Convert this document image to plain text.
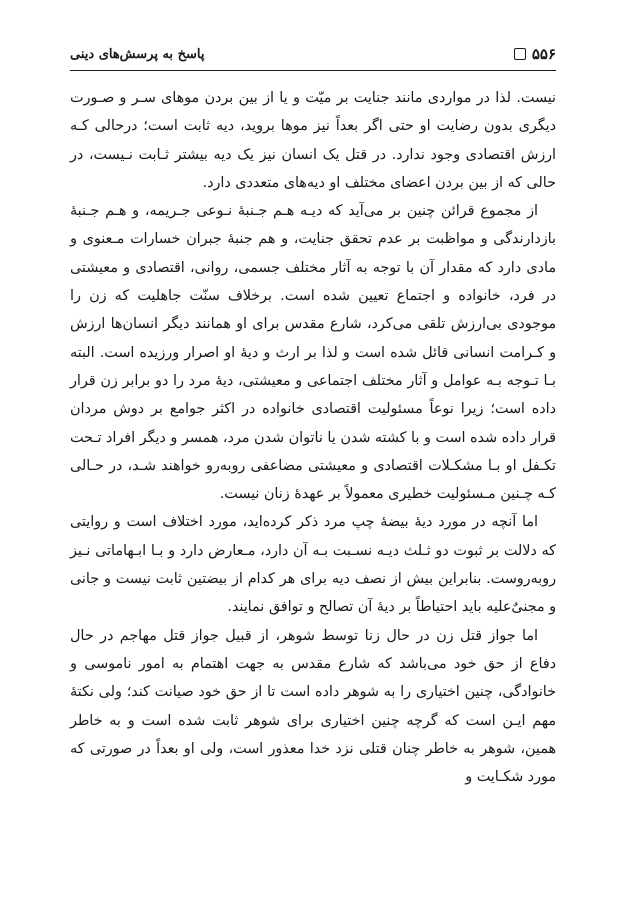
۵۵۶
پاسخ به پرسش‌های دینی

نیست. لذا در مواردی مانند جنایت بر میّت و یا از بین بردن موهای سـر و صـورت دیگری بدون رضایت او حتی اگر بعداً نیز موها بروید، دیه ثابت است؛ درحالی کـه ارزش اقتصادی وجود ندارد. در قتل یک انسان نیز یک دیه بیشتر ثـابت نـیست، در حالی که از بین بردن اعضای مختلف او دیه‌های متعددی دارد.

از مجموع قرائن چنین بر می‌آید که دیـه هـم جـنبهٔ نـوعی جـریمه، و هـم جـنبهٔ بازدارندگی و مواظبت بر عدم تحقق جنایت، و هم جنبهٔ جبران خسارات مـعنوی و مادی دارد که مقدار آن با توجه به آثار مختلف جسمی، روانی، اقتصادی و معیشتی در فرد، خانواده و اجتماع تعیین شده است. برخلاف سنّت جاهلیت که زن را موجودی بی‌ارزش تلقی می‌کرد، شارع مقدس برای او همانند دیگر انسان‌ها ارزش و کـرامت انسانی قائل شده است و لذا بر ارث و دیهٔ او اصرار ورزیده است. البته بـا تـوجه بـه عوامل و آثار مختلف اجتماعی و معیشتی، دیهٔ مرد را دو برابر زن قرار داده است؛ زیرا نوعاً مسئولیت اقتصادی خانواده در اکثر جوامع بر دوش مردان قرار داده شده است و با کشته شدن یا ناتوان شدن مرد، همسر و دیگر افراد تـحت تکـفل او بـا مشکـلات اقتصادی و معیشتی مضاعفی روبه‌رو خواهند شـد، در حـالی کـه چـنین مـسئولیت خطیری معمولاً بر عهدهٔ زنان نیست.

اما آنچه در مورد دیهٔ بیضهٔ چپ مرد ذکر کرده‌اید، مورد اختلاف است و روایتی که دلالت بر ثبوت دو ثـلث دیـه نسـبت بـه آن دارد، مـعارض دارد و بـا ابـهاماتی نـیز روبه‌روست. بنابراین بیش از نصف دیه برای هر کدام از بیضتین ثابت نیست و جانی و مجنیٌ‌علیه باید احتیاطاً بر دیهٔ آن تصالح و توافق نمایند.

اما جواز قتل زن در حال زنا توسط شوهر، از قبیل جواز قتل مهاجم در حال دفاع از حق خود می‌باشد که شارع مقدس به جهت اهتمام به امور ناموسی و خانوادگی، چنین اختیاری را به شوهر داده است تا از حق خود صیانت کند؛ ولی نکتهٔ مهم ایـن است که گرچه چنین اختیاری برای شوهر ثابت شده است و به خاطر همین، شوهر به خاطر چنان قتلی نزد خدا معذور است، ولی او بعداً در صورتی که مورد شکـایت و
